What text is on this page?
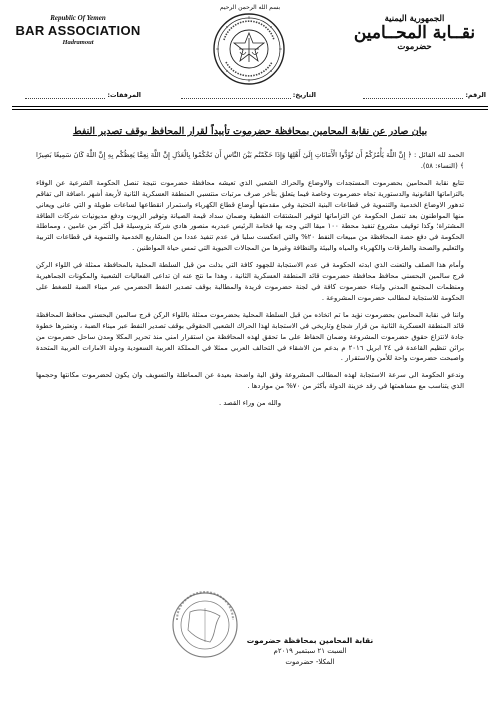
بسم الله الرحمن الرحيم
الجمهورية اليمنية
نقــابة المحــامين
حضرموت
Republic Of Yemen
BAR ASSOCIATION
Hadramout
الرقم:
التاريخ:
المرفقات:
بيان صادر عن نقابة المحامين بمحافظة حضرموت تأييداً لقرار المحافظ بوقف تصدير النفط

الحمد لله القائل : ﴿ إِنَّ اللَّهَ يَأْمُرُكُمْ أَن تُؤَدُّوا الْأَمَانَاتِ إِلَىٰ أَهْلِهَا وَإِذَا حَكَمْتُم بَيْنَ النَّاسِ أَن تَحْكُمُوا بِالْعَدْلِ إِنَّ اللَّهَ نِعِمَّا يَعِظُكُم بِهِ إِنَّ اللَّهَ كَانَ سَمِيعًا بَصِيرًا ﴾ (النساء: ٥٨).

تتابع نقابة المحامين بحضرموت المستجدات والاوضاع والحراك الشعبي الذي تعيشه محافظة حضرموت نتيجة تنصل الحكومة الشرعية عن الوفاء بالتزاماتها القانونية والدستورية تجاه حضرموت وخاصة فيما يتعلق بتأخر صرف مرتبات منتسبي المنطقة العسكرية الثانية لأربعة أشهر ،اضافة الى تفاقم تدهور الاوضاع الخدمية والتنموية في قطاعات البنية التحتية وفي مقدمتها أوضاع قطاع الكهرباء واستمرار انقطاعها لساعات طويلة و التي عانى ويعاني منها المواطنون بعد تنصل الحكومة عن التزاماتها لتوفير المشتقات النفطية وضمان سداد قيمة الصيانة وتوفير الزيوت ودفع مديونيات شركات الطاقة المشتراة؛ وكذا توقيف مشروع تنفيذ محطة ١٠٠ ميقا التي وجه بها فخامة الرئيس عبدربه منصور هادي شركة بتروسيلة قبل أكثر من عامين ، ومماطلة الحكومة في دفع حصة المحافظة من مبيعات النفط ٢٠% والتي انعكست سلبا في عدم تنفيذ عددا من المشاريع الخدمية والتنموية في قطاعات التربية والتعليم والصحة والطرقات والكهرباء والمياه والبيئة والنظافة وغيرها من المجالات الحيوية التي تمس حياة المواطنين .

وأمام هذا الصلف والتعنت الذي ابدته الحكومة في عدم الاستجابة للجهود كافة التي بذلت من قبل السلطة المحلية بالمحافظة ممثلة في اللواء الركن فرج سالمين البحسني محافظ محافظة حضرموت قائد المنطقة العسكرية الثانية ، وهذا ما نتج عنه ان تداعى الفعاليات الشعبية والمكونات الجماهيرية ومنظمات المجتمع المدني وابناء حضرموت كافة في لجنة حضرموت فريدة والمطالبة بوقف تصدير النفط الحضرمي عبر ميناء الضبة للضغط على الحكومة للاستجابة لمطالب حضرموت المشروعة .

واننا في نقابة المحامين بحضرموت نؤيد ما تم اتخاذه من قبل السلطة المحلية بحضرموت ممثلة باللواء الركن فرج سالمين البحسني محافظ المحافظة قائد المنطقة العسكرية الثانية من قرار شجاع وتاريخي في الاستجابة لهذا الحراك الشعبي الحقوقي بوقف تصدير النفط عبر ميناء الضبة ، ونعتبرها خطوة جادة لانتزاع حقوق حضرموت المشروعة وضمان الحفاظ على ما تحقق لهذه المحافظة من استقرار امني منذ تحرير المكلا ومدن ساحل حضرموت من براثن تنظيم القاعدة في ٢٤ ابريل ٢٠١٦ م بدعم من الاشقاء في التحالف العربي ممثلا في المملكة العربية السعودية ودولة الامارات العربية المتحدة واصبحت حضرموت واحة للأمن والاستقرار .

وندعو الحكومة الى سرعة الاستجابة لهذه المطالب المشروعة وفق الية واضحة بعيدة عن المماطلة والتسويف وان يكون لحضرموت مكانتها وحجمها الذي يتناسب مع مساهمتها في رفد خزينة الدولة بأكثر من ٧٠% من مواردها .

والله من وراء القصد .

نقابة المحامين بمحافظة حضرموت
السبت ٢١ سبتمبر ٢٠١٩م
المكلا- حضرموت
